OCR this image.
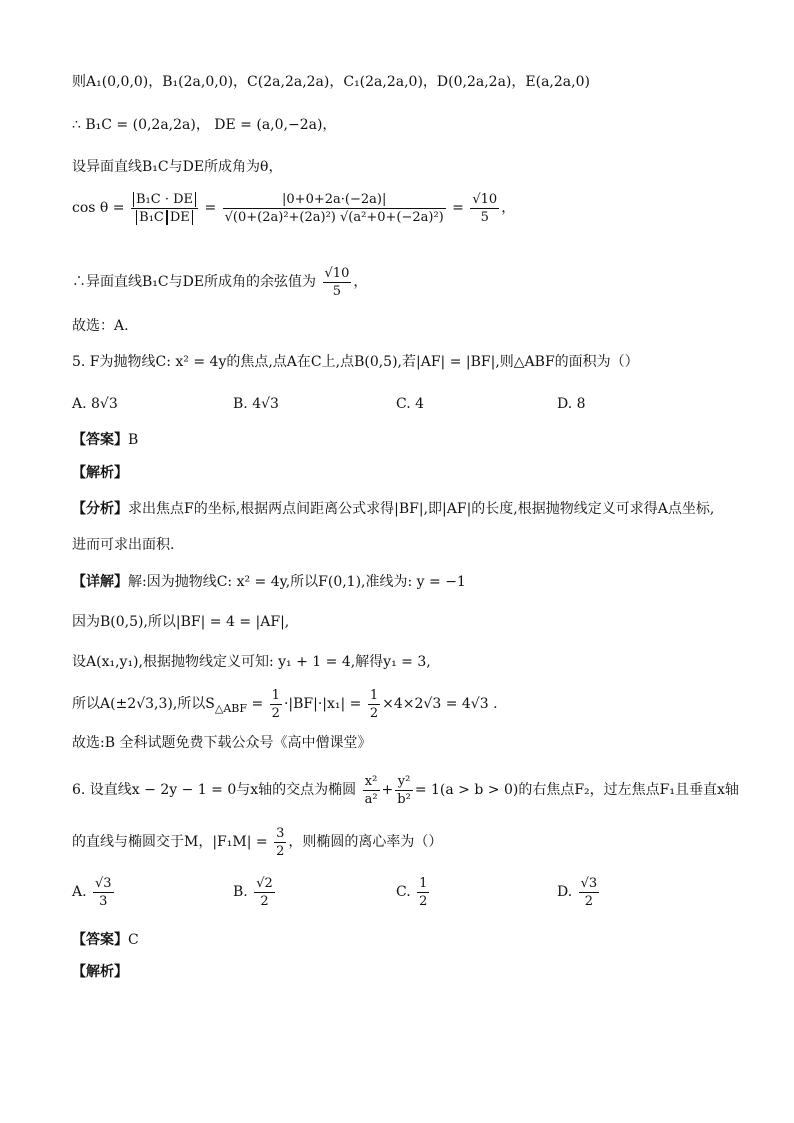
则A₁(0,0,0)，B₁(2a,0,0)，C(2a,2a,2a)，C₁(2a,2a,0)，D(0,2a,2a)，E(a,2a,0)
∴ B₁C = (0,2a,2a)， DE = (a,0,−2a)，
设异面直线B₁C与DE所成角为θ，
$\cos \theta = \frac{\text{B₁C · DE}}{\text{B₁C DE}} = \frac{|0+0+2a\cdot(-2a)|}{\text{√(0+(2a)²+(2a)²) √(a²+0+(−2a)²)}} = \frac{√10}{5}$ ，
∴异面直线B₁C与DE所成角的余弦值为 $\frac{√10}{5}$ ，
故选：A.
5. F为抛物线C: x² = 4y的焦点,点A在C上,点B(0,5),若|AF| = |BF|,则△ABF的面积为（）
A. 8√3	B. 4√3	C. 4	D. 8
【答案】B
【解析】
【分析】求出焦点F的坐标,根据两点间距离公式求得|BF|,即|AF|的长度,根据抛物线定义可求得A点坐标,
进而可求出面积.
【详解】解:因为抛物线C: x² = 4y,所以F(0,1),准线为: y = −1
因为B(0,5),所以|BF| = 4 = |AF|,
设A(x₁,y₁),根据抛物线定义可知: y₁ + 1 = 4,解得y₁ = 3,
所以A(±2√3,3),所以$S_{\triangle ABF} = \frac{1}{2} \cdot|BF|\cdot|x_1| = \frac{1}{2} \times 4\times 2√3 = 4√3$ .
故选:B 全科试题免费下载公众号《高中僧课堂》
6. 设直线x − 2y − 1 = 0与x轴的交点为椭圆 $\frac{\text{x²}}{\text{a²}} + \frac{\text{y²}}{\text{b²}} = 1(a > b > 0)$的右焦点F₂，过左焦点F₁且垂直x轴
的直线与椭圆交于M，$|F_1M| = \frac{3}{2}$ ，则椭圆的离心率为（）
A. $\frac{√3}{3}$	B. $\frac{√2}{2}$	C. $\frac{1}{2}$	D. $\frac{√3}{2}$
【答案】C
【解析】
